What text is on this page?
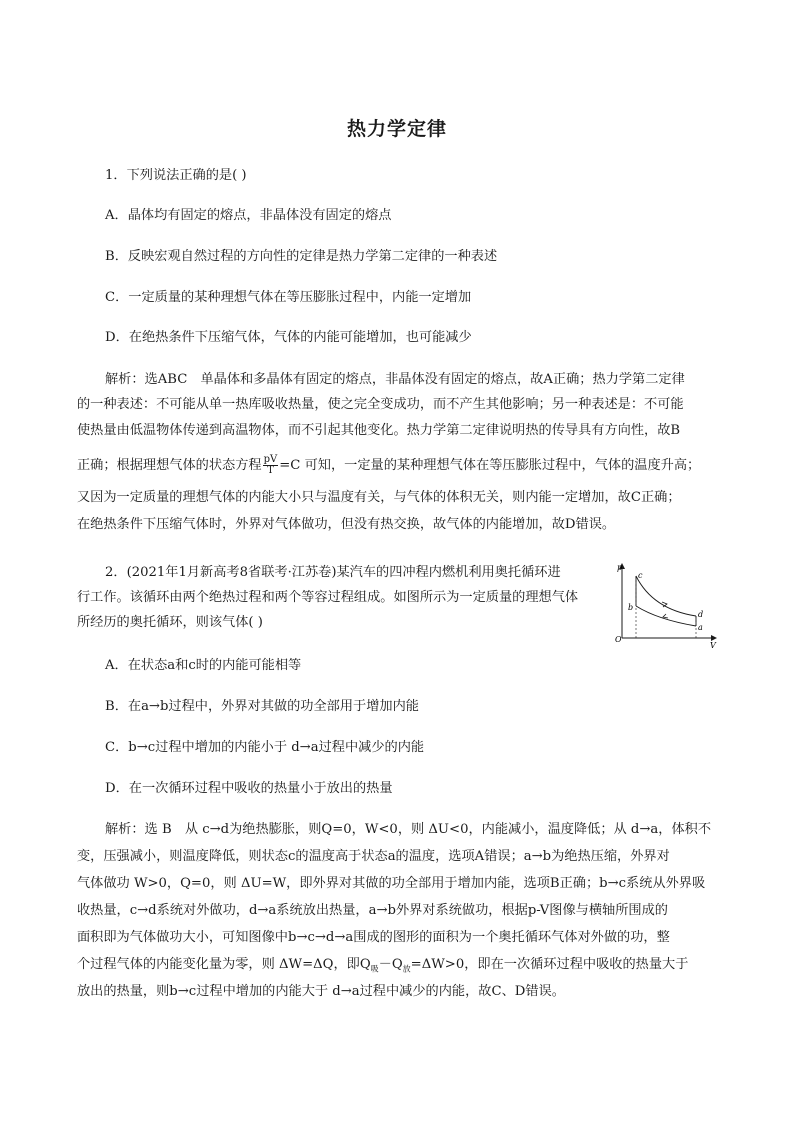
热力学定律
1．下列说法正确的是( )
A．晶体均有固定的熔点，非晶体没有固定的熔点
B．反映宏观自然过程的方向性的定律是热力学第二定律的一种表述
C．一定质量的某种理想气体在等压膨胀过程中，内能一定增加
D．在绝热条件下压缩气体，气体的内能可能增加，也可能减少
解析：选ABC　单晶体和多晶体有固定的熔点，非晶体没有固定的熔点，故A正确；热力学第二定律
的一种表述：不可能从单一热库吸收热量，使之完全变成功，而不产生其他影响；另一种表述是：不可能
使热量由低温物体传递到高温物体，而不引起其他变化。热力学第二定律说明热的传导具有方向性，故B
正确；根据理想气体的状态方程 $\frac{pV}{T} =C$ 可知，一定量的某种理想气体在等压膨胀过程中，气体的温度升高；
又因为一定质量的理想气体的内能大小只与温度有关，与气体的体积无关，则内能一定增加，故C正确；
在绝热条件下压缩气体时，外界对气体做功，但没有热交换，故气体的内能增加，故D错误。
2．(2021年1月新高考8省联考·江苏卷)某汽车的四冲程内燃机利用奥托循环进
行工作。该循环由两个绝热过程和两个等容过程组成。如图所示为一定质量的理想气体
所经历的奥托循环，则该气体( )
p
V
O
c
b
d
a
A．在状态a和c时的内能可能相等
B．在a→b过程中，外界对其做的功全部用于增加内能
C．b→c过程中增加的内能小于 d→a过程中减少的内能
D．在一次循环过程中吸收的热量小于放出的热量
解析：选 B　从 c→d为绝热膨胀，则Q=0，W<0，则 ΔU<0，内能减小，温度降低；从 d→a，体积不
变，压强减小，则温度降低，则状态c的温度高于状态a的温度，选项A错误；a→b为绝热压缩，外界对
气体做功 W>0，Q=0，则 ΔU=W，即外界对其做的功全部用于增加内能，选项B正确；b→c系统从外界吸
收热量，c→d系统对外做功，d→a系统放出热量，a→b外界对系统做功，根据p-V图像与横轴所围成的
面积即为气体做功大小，可知图像中b→c→d→a围成的图形的面积为一个奥托循环气体对外做的功，整
个过程气体的内能变化量为零，则 ΔW=ΔQ，即$Q_吸-Q_放=\Delta W>0$，即在一次循环过程中吸收的热量大于
放出的热量，则b→c过程中增加的内能大于 d→a过程中减少的内能，故C、D错误。
